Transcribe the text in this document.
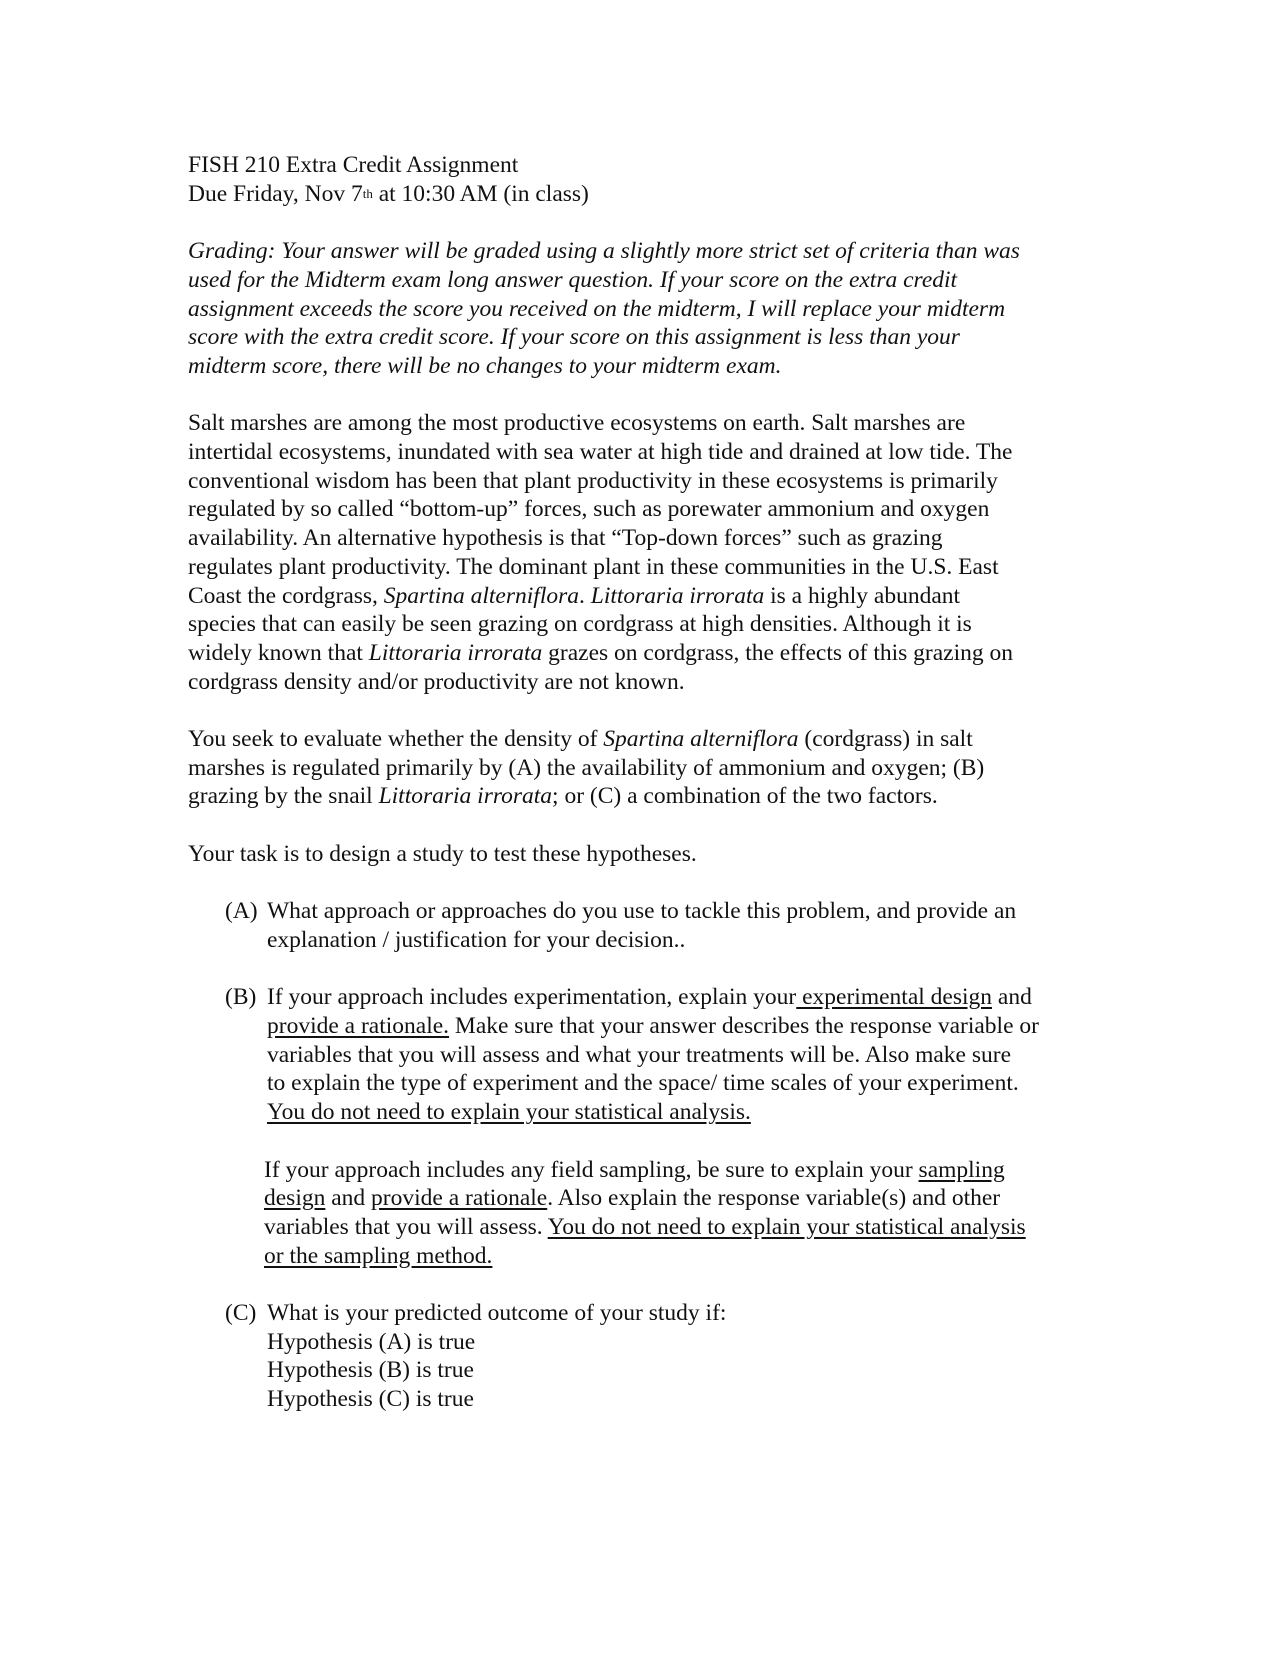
FISH 210 Extra Credit Assignment

Due Friday, Nov 7th at 10:30 AM (in class)

Grading: Your answer will be graded using a slightly more strict set of criteria than was

used for the Midterm exam long answer question. If your score on the extra credit

assignment exceeds the score you received on the midterm, I will replace your midterm

score with the extra credit score. If your score on this assignment is less than your

midterm score, there will be no changes to your midterm exam.

Salt marshes are among the most productive ecosystems on earth. Salt marshes are

intertidal ecosystems, inundated with sea water at high tide and drained at low tide. The

conventional wisdom has been that plant productivity in these ecosystems is primarily

regulated by so called “bottom-up” forces, such as porewater ammonium and oxygen

availability. An alternative hypothesis is that “Top-down forces” such as grazing

regulates plant productivity. The dominant plant in these communities in the U.S. East

Coast the cordgrass, Spartina alterniflora. Littoraria irrorata is a highly abundant

species that can easily be seen grazing on cordgrass at high densities. Although it is

widely known that Littoraria irrorata grazes on cordgrass, the effects of this grazing on

cordgrass density and/or productivity are not known.

You seek to evaluate whether the density of Spartina alterniflora (cordgrass) in salt

marshes is regulated primarily by (A) the availability of ammonium and oxygen; (B)

grazing by the snail Littoraria irrorata; or (C) a combination of the two factors.

Your task is to design a study to test these hypotheses.

(A) What approach or approaches do you use to tackle this problem, and provide an

explanation / justification for your decision..

(B) If your approach includes experimentation, explain your experimental design and

provide a rationale. Make sure that your answer describes the response variable or

variables that you will assess and what your treatments will be. Also make sure

to explain the type of experiment and the space/ time scales of your experiment.

You do not need to explain your statistical analysis.

If your approach includes any field sampling, be sure to explain your sampling

design and provide a rationale. Also explain the response variable(s) and other

variables that you will assess. You do not need to explain your statistical analysis

or the sampling method.

(C) What is your predicted outcome of your study if:

Hypothesis (A) is true

Hypothesis (B) is true

Hypothesis (C) is true
